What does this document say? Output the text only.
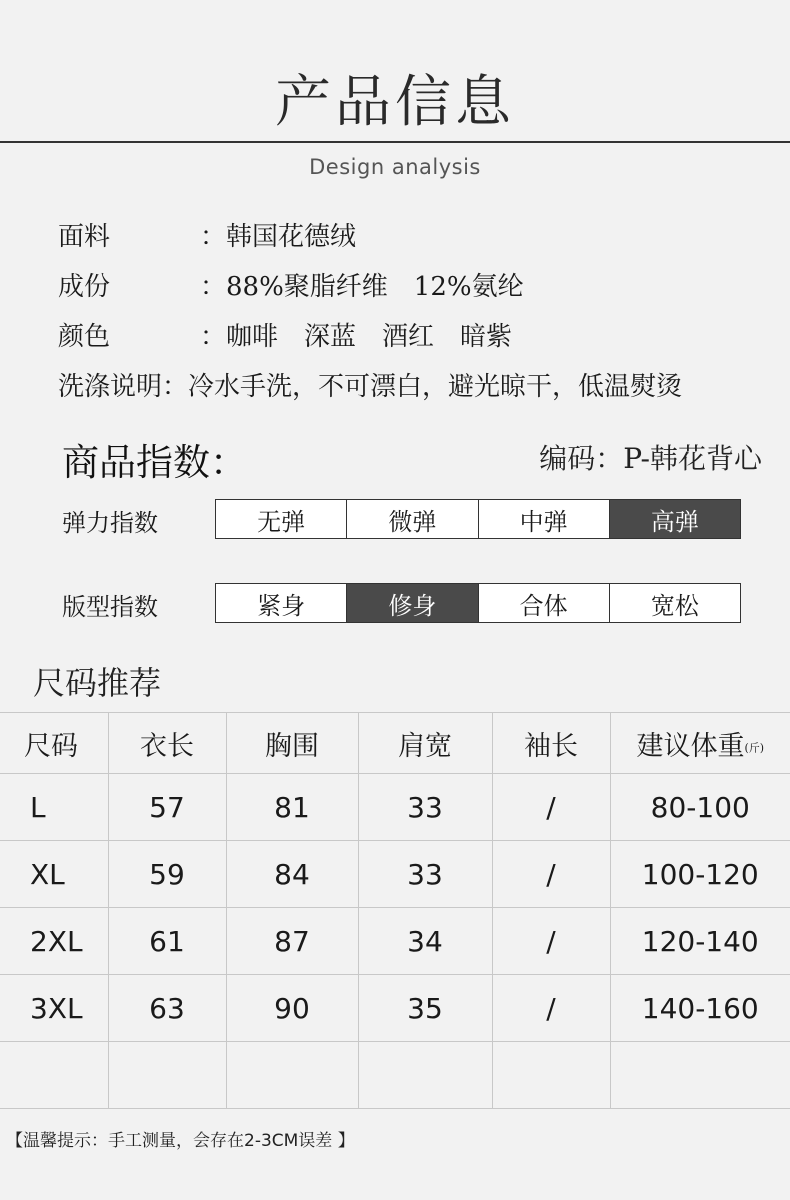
产品信息
Design analysis
面料	：韩国花德绒
成份	：88%聚脂纤维　12%氨纶
颜色	：咖啡　深蓝　酒红　暗紫
洗涤说明：冷水手洗，不可漂白，避光晾干，低温熨烫
商品指数：	编码：P-韩花背心
弹力指数	无弹	微弹	中弹	高弹
版型指数	紧身	修身	合体	宽松
尺码推荐
尺码	衣长	胸围	肩宽	袖长	建议体重(斤)
L	57	81	33	/	80-100
XL	59	84	33	/	100-120
2XL	61	87	34	/	120-140
3XL	63	90	35	/	140-160

【温馨提示：手工测量，会存在2-3CM误差 】
